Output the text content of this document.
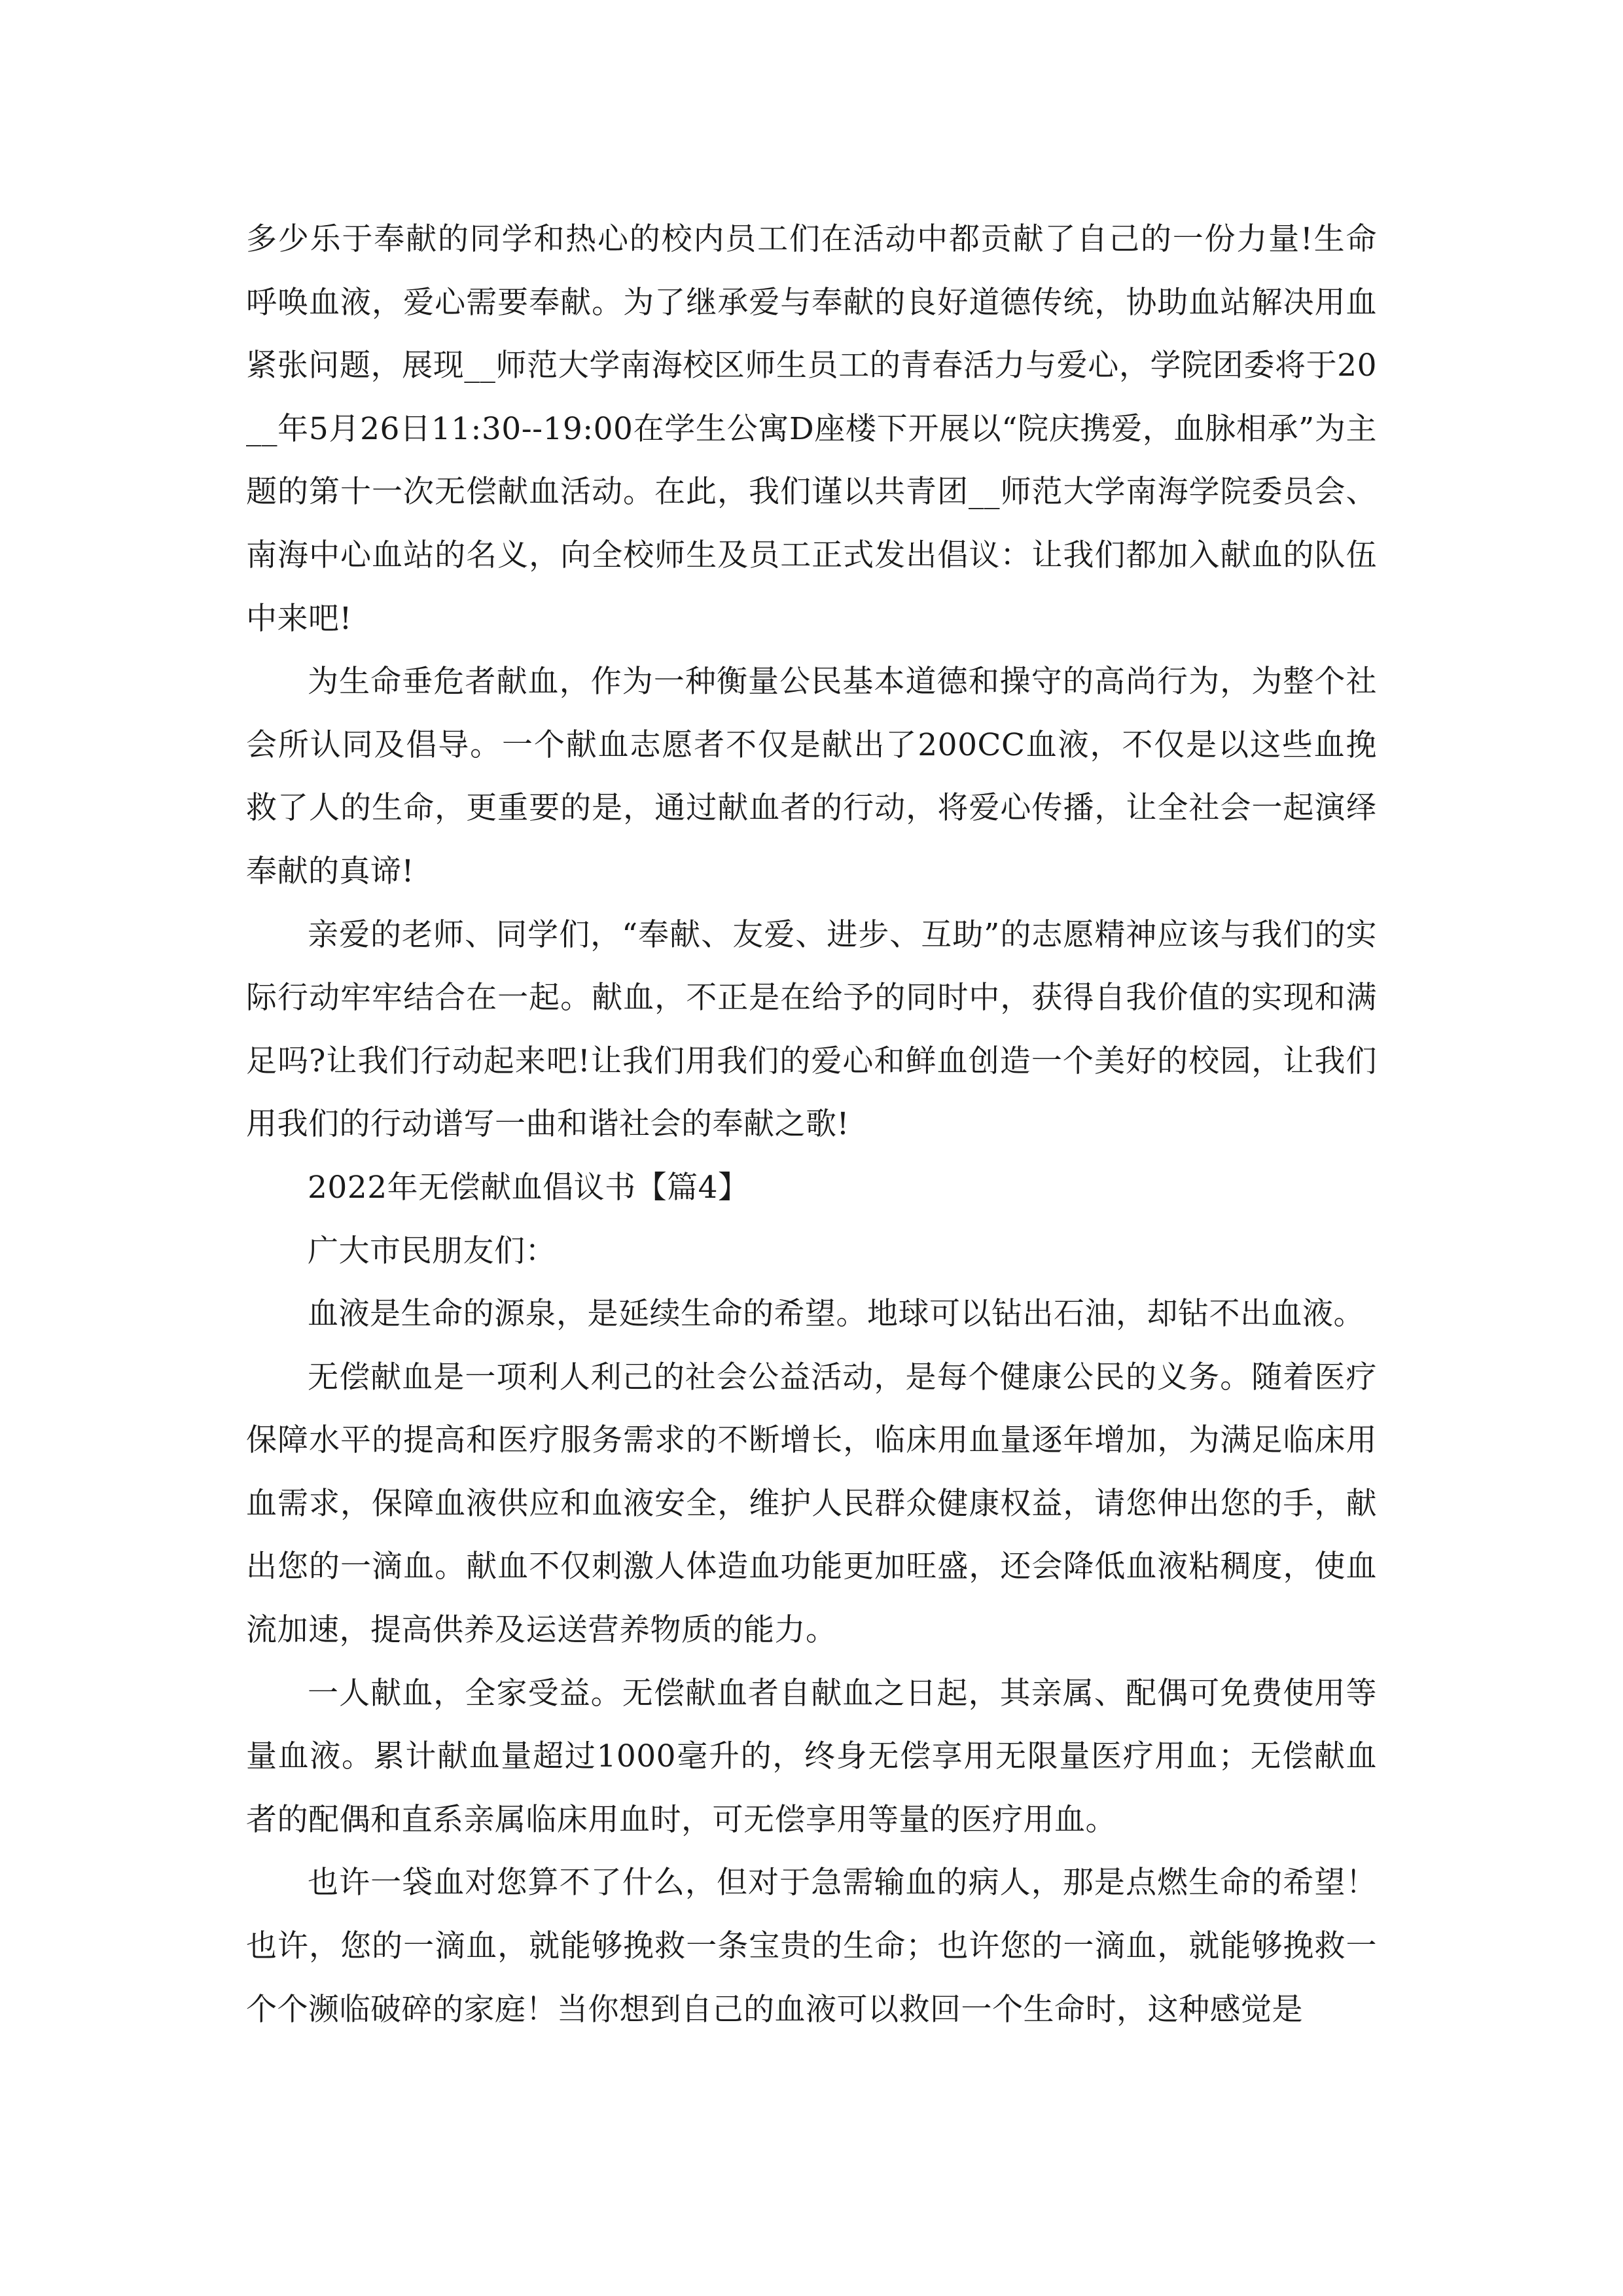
多少乐于奉献的同学和热心的校内员工们在活动中都贡献了自己的一份力量!生命呼唤血液，爱心需要奉献。为了继承爱与奉献的良好道德传统，协助血站解决用血紧张问题，展现__师范大学南海校区师生员工的青春活力与爱心，学院团委将于20__年5月26日11:30--19:00在学生公寓D座楼下开展以“院庆携爱，血脉相承”为主题的第十一次无偿献血活动。在此，我们谨以共青团__师范大学南海学院委员会、南海中心血站的名义，向全校师生及员工正式发出倡议：让我们都加入献血的队伍中来吧!

为生命垂危者献血，作为一种衡量公民基本道德和操守的高尚行为，为整个社会所认同及倡导。一个献血志愿者不仅是献出了200CC血液，不仅是以这些血挽救了人的生命，更重要的是，通过献血者的行动，将爱心传播，让全社会一起演绎奉献的真谛!

亲爱的老师、同学们，“奉献、友爱、进步、互助”的志愿精神应该与我们的实际行动牢牢结合在一起。献血，不正是在给予的同时中，获得自我价值的实现和满足吗?让我们行动起来吧!让我们用我们的爱心和鲜血创造一个美好的校园，让我们用我们的行动谱写一曲和谐社会的奉献之歌!

2022年无偿献血倡议书【篇4】

广大市民朋友们：

血液是生命的源泉，是延续生命的希望。地球可以钻出石油，却钻不出血液。

无偿献血是一项利人利己的社会公益活动，是每个健康公民的义务。随着医疗保障水平的提高和医疗服务需求的不断增长，临床用血量逐年增加，为满足临床用血需求，保障血液供应和血液安全，维护人民群众健康权益，请您伸出您的手，献出您的一滴血。献血不仅刺激人体造血功能更加旺盛，还会降低血液粘稠度，使血流加速，提高供养及运送营养物质的能力。

一人献血，全家受益。无偿献血者自献血之日起，其亲属、配偶可免费使用等量血液。累计献血量超过1000毫升的，终身无偿享用无限量医疗用血；无偿献血者的配偶和直系亲属临床用血时，可无偿享用等量的医疗用血。

也许一袋血对您算不了什么，但对于急需输血的病人，那是点燃生命的希望！也许，您的一滴血，就能够挽救一条宝贵的生命；也许您的一滴血，就能够挽救一个个濒临破碎的家庭！当你想到自己的血液可以救回一个生命时，这种感觉是
